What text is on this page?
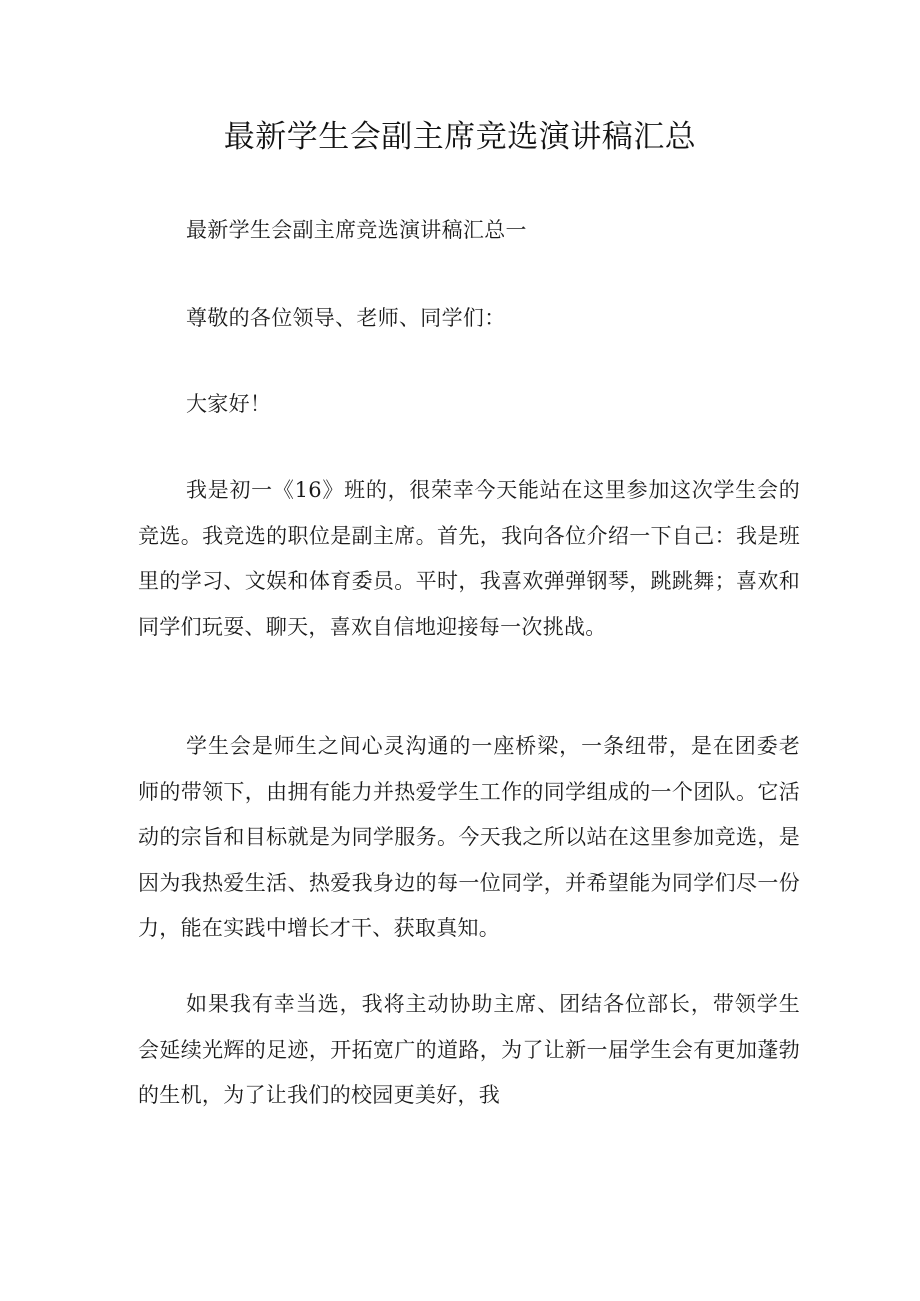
最新学生会副主席竞选演讲稿汇总

最新学生会副主席竞选演讲稿汇总一

尊敬的各位领导、老师、同学们：

大家好！

我是初一《16》班的，很荣幸今天能站在这里参加这次学生会的竞选。我竞选的职位是副主席。首先，我向各位介绍一下自己：我是班里的学习、文娱和体育委员。平时，我喜欢弹弹钢琴，跳跳舞；喜欢和同学们玩耍、聊天，喜欢自信地迎接每一次挑战。

学生会是师生之间心灵沟通的一座桥梁，一条纽带，是在团委老师的带领下，由拥有能力并热爱学生工作的同学组成的一个团队。它活动的宗旨和目标就是为同学服务。今天我之所以站在这里参加竞选，是因为我热爱生活、热爱我身边的每一位同学，并希望能为同学们尽一份力，能在实践中增长才干、获取真知。

如果我有幸当选，我将主动协助主席、团结各位部长，带领学生会延续光辉的足迹，开拓宽广的道路，为了让新一届学生会有更加蓬勃的生机，为了让我们的校园更美好，我
